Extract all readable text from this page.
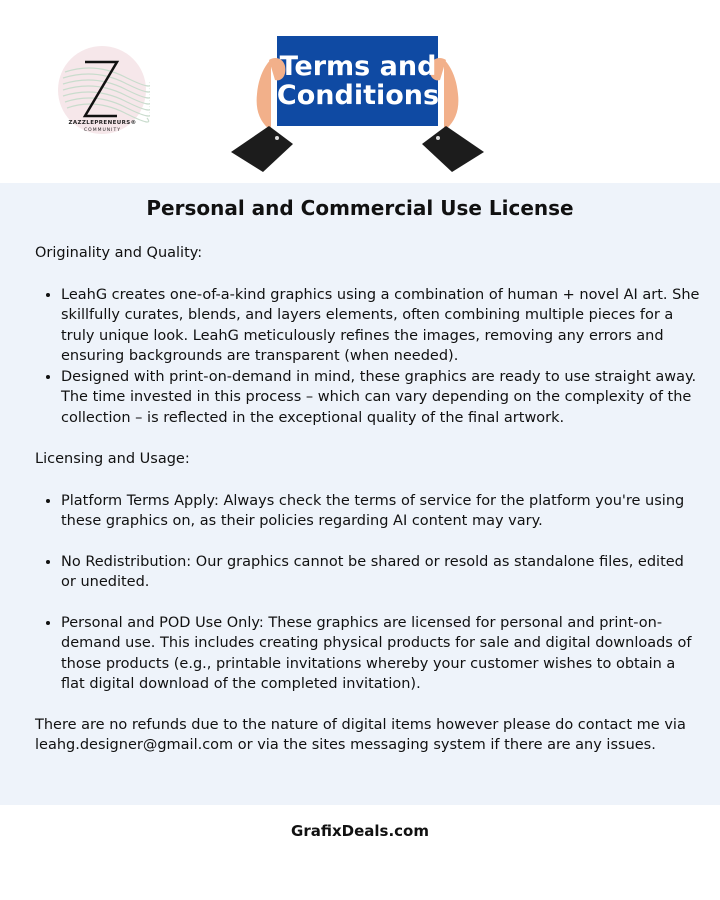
ZAZZLEPRENEURS®
COMMUNITY
Terms and Conditions
Personal and Commercial Use License

Originality and Quality:

• LeahG creates one-of-a-kind graphics using a combination of human + novel AI art. She skillfully curates, blends, and layers elements, often combining multiple pieces for a truly unique look. LeahG meticulously refines the images, removing any errors and ensuring backgrounds are transparent (when needed).
• Designed with print-on-demand in mind, these graphics are ready to use straight away. The time invested in this process – which can vary depending on the complexity of the collection – is reflected in the exceptional quality of the final artwork.

Licensing and Usage:

• Platform Terms Apply: Always check the terms of service for the platform you're using these graphics on, as their policies regarding AI content may vary.
• No Redistribution: Our graphics cannot be shared or resold as standalone files, edited or unedited.
• Personal and POD Use Only: These graphics are licensed for personal and print-on-demand use. This includes creating physical products for sale and digital downloads of those products (e.g., printable invitations whereby your customer wishes to obtain a flat digital download of the completed invitation).

There are no refunds due to the nature of digital items however please do contact me via leahg.designer@gmail.com or via the sites messaging system if there are any issues.

GrafixDeals.com
